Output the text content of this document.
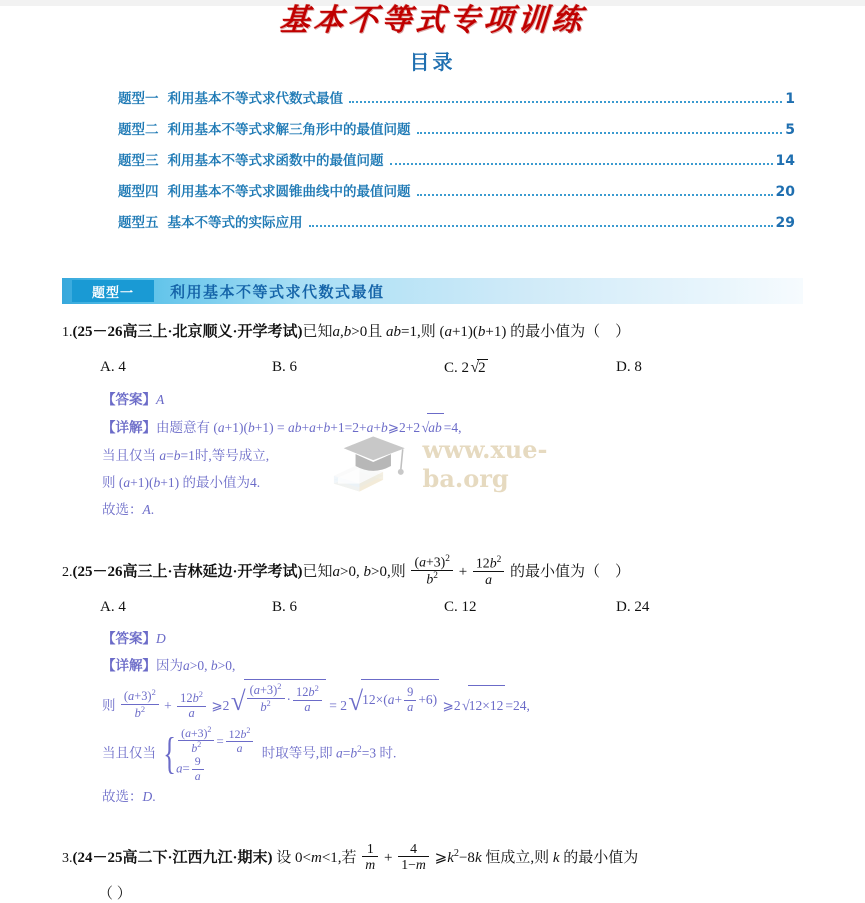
基本不等式专项训练
目录
题型一 利用基本不等式求代数式最值	1
题型二 利用基本不等式求解三角形中的最值问题	5
题型三 利用基本不等式求函数中的最值问题	14
题型四 利用基本不等式求圆锥曲线中的最值问题	20
题型五 基本不等式的实际应用	29
题型一	利用基本不等式求代数式最值
1.(25－26高三上·北京顺义·开学考试)已知a,b>0且 ab=1,则 (a+1)(b+1) 的最小值为（    ）
A. 4	B. 6	C. 2√2	D. 8
【答案】A
【详解】由题意有 (a+1)(b+1) = ab+a+b+1=2+a+b⩾2+2√ab =4,
当且仅当 a=b=1时,等号成立,
则 (a+1)(b+1) 的最小值为4.
故选：A.
2.(25－26高三上·吉林延边·开学考试)已知a>0, b>0,则 $\frac{(a+3)^2}{b^2} + \frac{12b^2}{a}$ 的最小值为（    ）
A. 4	B. 6	C. 12	D. 24
【答案】D
【详解】因为a>0, b>0,
则 $\frac{(a+3)^2}{b^2} + \frac{12b^2}{a}$ ⩾2√ $\frac{(a+3)^2}{b^2} \cdot \frac{12b^2}{a} = 2√12\times(a+ \frac{9}{a} +6)$ ⩾2√12×12 =24,
当且仅当 { $\frac{(a+3)^2}{b^2} = \frac{12b^2}{a}$
$a= \frac{9}{a}$
时取等号,即 $a=b^2=3$ 时.
故选：D.
3.(24－25高二下·江西九江·期末) 设 0<m<1,若 $\frac{1}{m} + \frac{4}{1-m}$ $⩾k^2-8k$ 恒成立,则 k 的最小值为
（ ）
www.xue-ba.org
